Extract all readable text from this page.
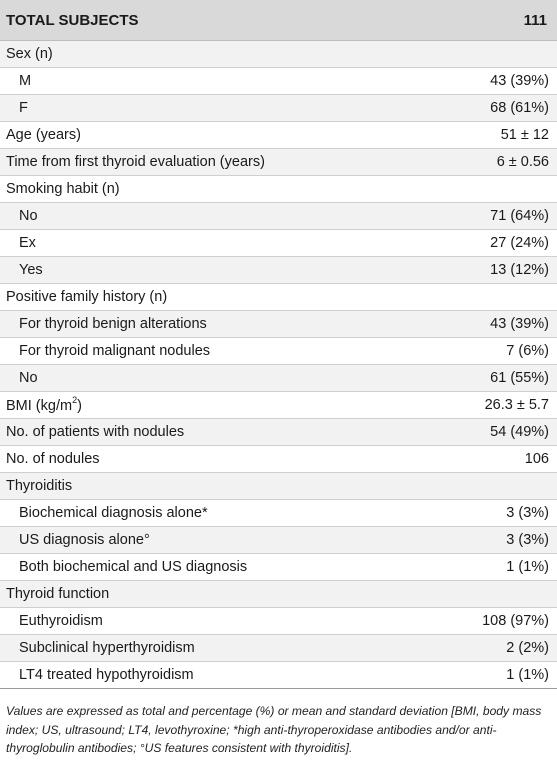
TOTAL SUBJECTS	111
Sex (n)
M	43 (39%)
F	68 (61%)
Age (years)	51 ± 12
Time from first thyroid evaluation (years)	6 ± 0.56
Smoking habit (n)
No	71 (64%)
Ex	27 (24%)
Yes	13 (12%)
Positive family history (n)
For thyroid benign alterations	43 (39%)
For thyroid malignant nodules	7 (6%)
No	61 (55%)
BMI $(kg/m^2)$	26.3 ± 5.7
No. of patients with nodules	54 (49%)
No. of nodules	106
Thyroiditis
Biochemical diagnosis alone*	3 (3%)
US diagnosis alone°	3 (3%)
Both biochemical and US diagnosis	1 (1%)
Thyroid function
Euthyroidism	108 (97%)
Subclinical hyperthyroidism	2 (2%)
LT4 treated hypothyroidism	1 (1%)
Values are expressed as total and percentage (%) or mean and standard deviation [BMI, body mass index; US, ultrasound; LT4, levothyroxine; *high anti-thyroperoxidase antibodies and/or anti-thyroglobulin antibodies; °US features consistent with thyroiditis].
